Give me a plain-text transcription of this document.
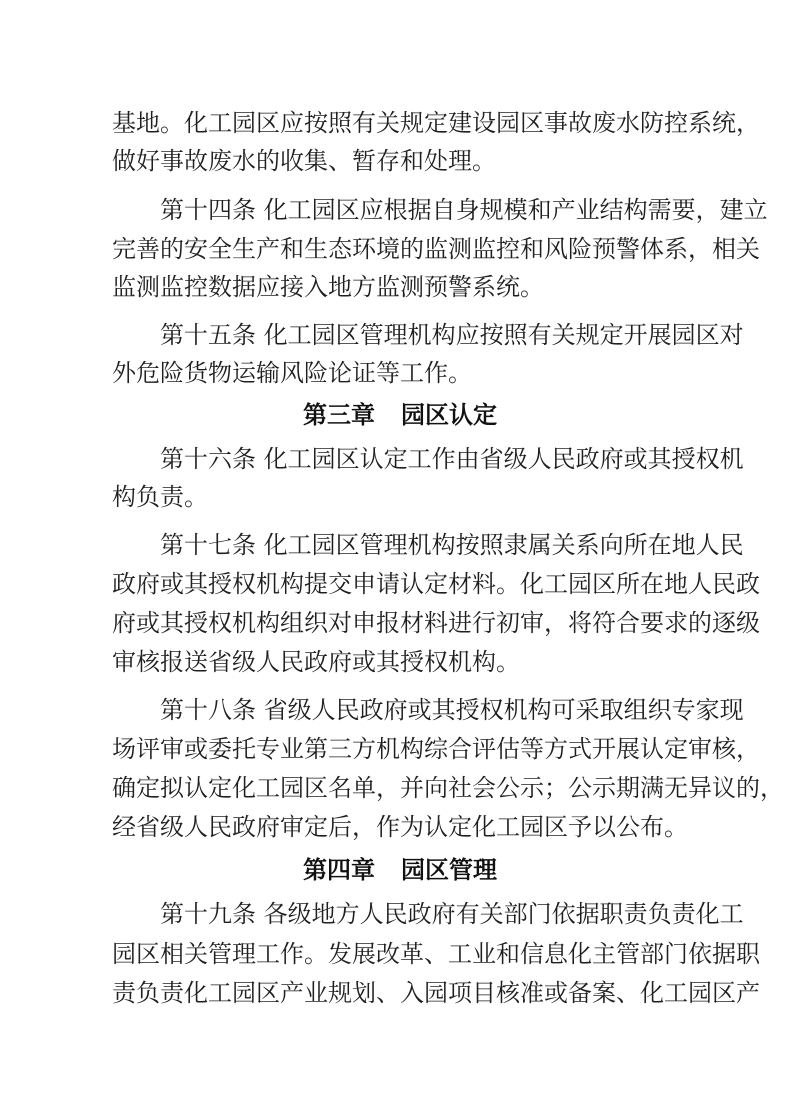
基地。化工园区应按照有关规定建设园区事故废水防控系统，
做好事故废水的收集、暂存和处理。
第十四条 化工园区应根据自身规模和产业结构需要，建立
完善的安全生产和生态环境的监测监控和风险预警体系，相关
监测监控数据应接入地方监测预警系统。
第十五条 化工园区管理机构应按照有关规定开展园区对
外危险货物运输风险论证等工作。
第三章 园区认定
第十六条 化工园区认定工作由省级人民政府或其授权机
构负责。
第十七条 化工园区管理机构按照隶属关系向所在地人民
政府或其授权机构提交申请认定材料。化工园区所在地人民政
府或其授权机构组织对申报材料进行初审，将符合要求的逐级
审核报送省级人民政府或其授权机构。
第十八条 省级人民政府或其授权机构可采取组织专家现
场评审或委托专业第三方机构综合评估等方式开展认定审核，
确定拟认定化工园区名单，并向社会公示；公示期满无异议的，
经省级人民政府审定后，作为认定化工园区予以公布。
第四章 园区管理
第十九条 各级地方人民政府有关部门依据职责负责化工
园区相关管理工作。发展改革、工业和信息化主管部门依据职
责负责化工园区产业规划、入园项目核准或备案、化工园区产
